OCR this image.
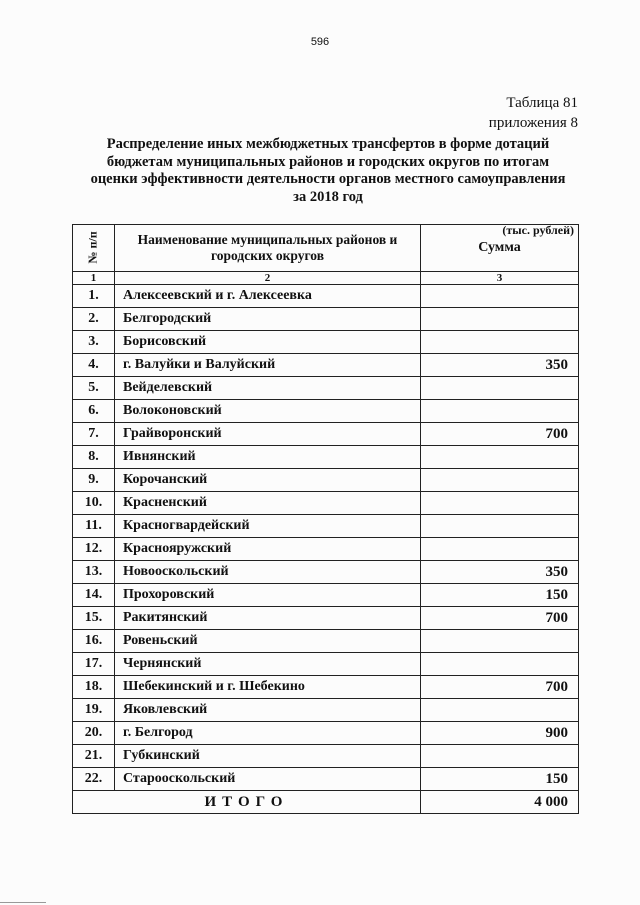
596
Таблица 81
приложения 8
Распределение иных межбюджетных трансфертов в форме дотаций бюджетам муниципальных районов и городских округов по итогам оценки эффективности деятельности органов местного самоуправления за 2018 год
(тыс. рублей)
№ п/п	Наименование муниципальных районов и городских округов	Сумма
1	2	3
1.	Алексеевский и г. Алексеевка	
2.	Белгородский	
3.	Борисовский	
4.	г. Валуйки и Валуйский	350
5.	Вейделевский	
6.	Волоконовский	
7.	Грайворонский	700
8.	Ивнянский	
9.	Корочанский	
10.	Красненский	
11.	Красногвардейский	
12.	Краснояружский	
13.	Новооскольский	350
14.	Прохоровский	150
15.	Ракитянский	700
16.	Ровеньский	
17.	Чернянский	
18.	Шебекинский и г. Шебекино	700
19.	Яковлевский	
20.	г. Белгород	900
21.	Губкинский	
22.	Старооскольский	150
ИТОГО		4 000
